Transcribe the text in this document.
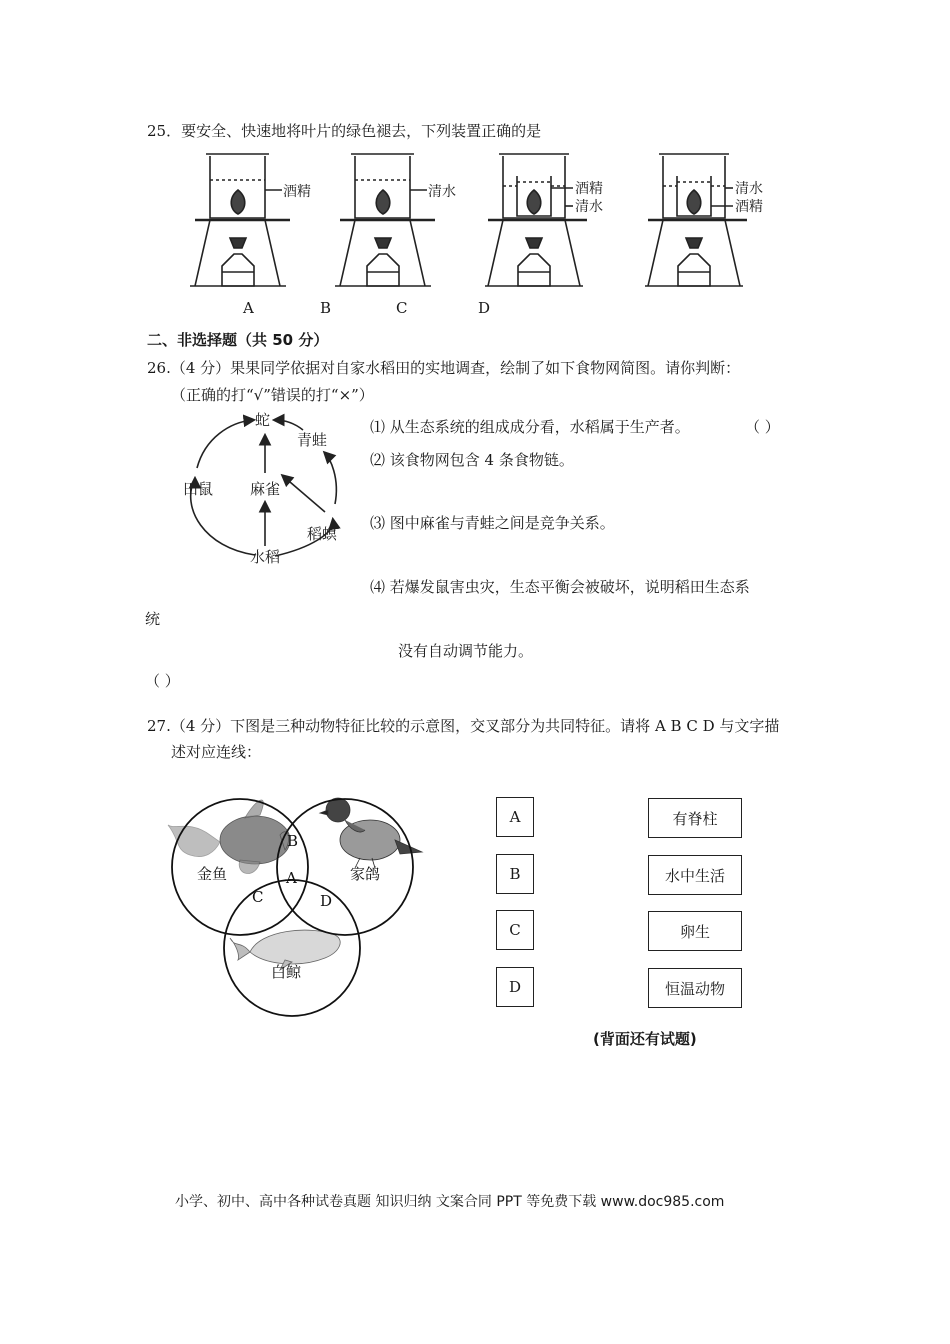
25．要安全、快速地将叶片的绿色褪去，下列装置正确的是
酒精	清水	酒精
清水
清水
酒精
A	B	C	D
二、非选择题（共 50 分）
26.（4 分）果果同学依据对自家水稻田的实地调查，绘制了如下食物网简图。请你判断：
（正确的打“√”错误的打“×”）
蛇
青蛙
田鼠 麻雀
稻螟
水稻
⑴ 从生态系统的组成成分看，水稻属于生产者。	（ ）
⑵ 该食物网包含 4 条食物链。
⑶ 图中麻雀与青蛙之间是竞争关系。
⑷ 若爆发鼠害虫灾，生态平衡会被破坏，说明稻田生态系
统
没有自动调节能力。
（ ）
27.（4 分）下图是三种动物特征比较的示意图，交叉部分为共同特征。请将 A B C D 与文字描
述对应连线：
金鱼	家鸽
白鲸
B
A
C	D
A
B
C
D
有脊柱
水中生活
卵生
恒温动物
(背面还有试题)
小学、初中、高中各种试卷真题 知识归纳 文案合同 PPT 等免费下载 www.doc985.com
